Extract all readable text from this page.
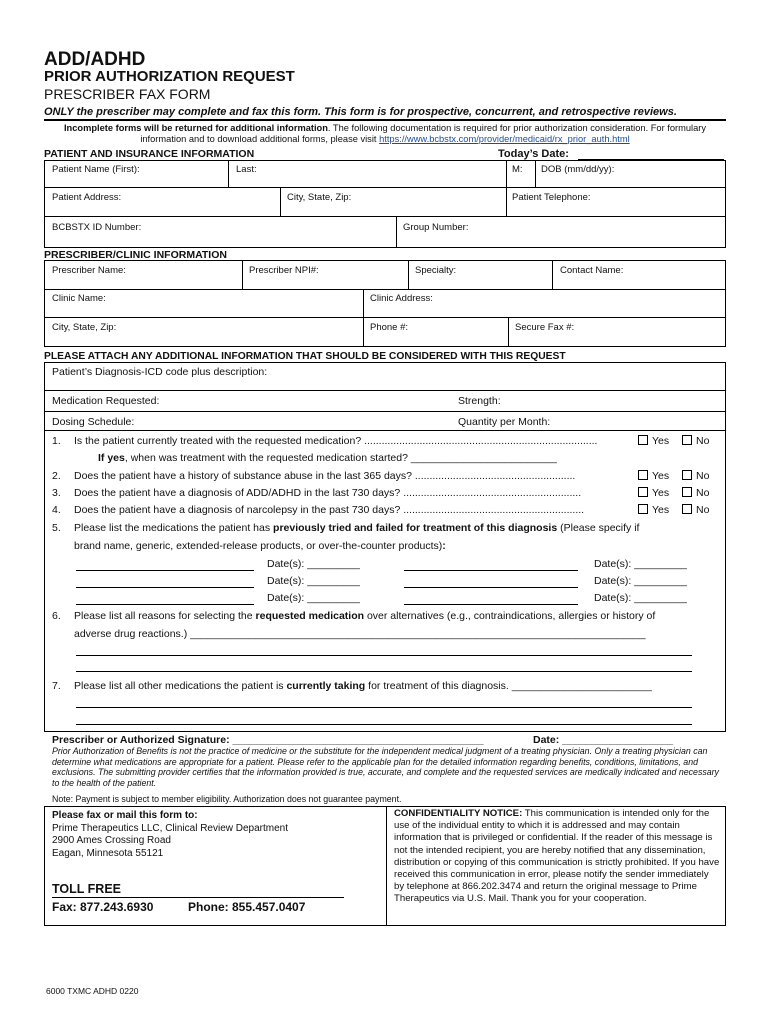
ADD/ADHD
PRIOR AUTHORIZATION REQUEST
PRESCRIBER FAX FORM
ONLY the prescriber may complete and fax this form. This form is for prospective, concurrent, and retrospective reviews.
Incomplete forms will be returned for additional information. The following documentation is required for prior authorization consideration. For formulary information and to download additional forms, please visit https://www.bcbstx.com/provider/medicaid/rx_prior_auth.html
PATIENT AND INSURANCE INFORMATION	Today’s Date:
Patient Name (First):	Last:	M: DOB (mm/dd/yy):
Patient Address:	City, State, Zip:	Patient Telephone:
BCBSTX ID Number:	Group Number:
PRESCRIBER/CLINIC INFORMATION
Prescriber Name:	Prescriber NPI#:	Specialty:	Contact Name:
Clinic Name:	Clinic Address:
City, State, Zip:	Phone #:	Secure Fax #:
PLEASE ATTACH ANY ADDITIONAL INFORMATION THAT SHOULD BE CONSIDERED WITH THIS REQUEST
Patient’s Diagnosis-ICD code plus description:
Medication Requested:	Strength:
Dosing Schedule:	Quantity per Month:
1. Is the patient currently treated with the requested medication? ................................................................................	Yes	No
If yes, when was treatment with the requested medication started? _________________________
2. Does the patient have a history of substance abuse in the last 365 days? .......................................................	Yes	No
3. Does the patient have a diagnosis of ADD/ADHD in the last 730 days? .............................................................	Yes	No
4. Does the patient have a diagnosis of narcolepsy in the past 730 days? ..............................................................	Yes	No
5. Please list the medications the patient has previously tried and failed for treatment of this diagnosis (Please specify if
brand name, generic, extended-release products, or over-the-counter products):
Date(s): _________	Date(s): _________
Date(s): _________	Date(s): _________
Date(s): _________	Date(s): _________
6. Please list all reasons for selecting the requested medication over alternatives (e.g., contraindications, allergies or history of
adverse drug reactions.) ______________________________________________________________________________
7. Please list all other medications the patient is currently taking for treatment of this diagnosis. ________________________
Prescriber or Authorized Signature: ___________________________________________	Date: ___________________
Prior Authorization of Benefits is not the practice of medicine or the substitute for the independent medical judgment of a treating physician. Only a treating physician can determine what medications are appropriate for a patient. Please refer to the applicable plan for the detailed information regarding benefits, conditions, limitations, and exclusions. The submitting provider certifies that the information provided is true, accurate, and complete and the requested services are medically indicated and necessary to the health of the patient.
Note: Payment is subject to member eligibility. Authorization does not guarantee payment.
Please fax or mail this form to:
Prime Therapeutics LLC, Clinical Review Department
2900 Ames Crossing Road
Eagan, Minnesota 55121
TOLL FREE
Fax: 877.243.6930	Phone: 855.457.0407
CONFIDENTIALITY NOTICE: This communication is intended only for the use of the individual entity to which it is addressed and may contain information that is privileged or confidential. If the reader of this message is not the intended recipient, you are hereby notified that any dissemination, distribution or copying of this communication is strictly prohibited. If you have received this communication in error, please notify the sender immediately by telephone at 866.202.3474 and return the original message to Prime Therapeutics via U.S. Mail. Thank you for your cooperation.
6000 TXMC ADHD 0220
